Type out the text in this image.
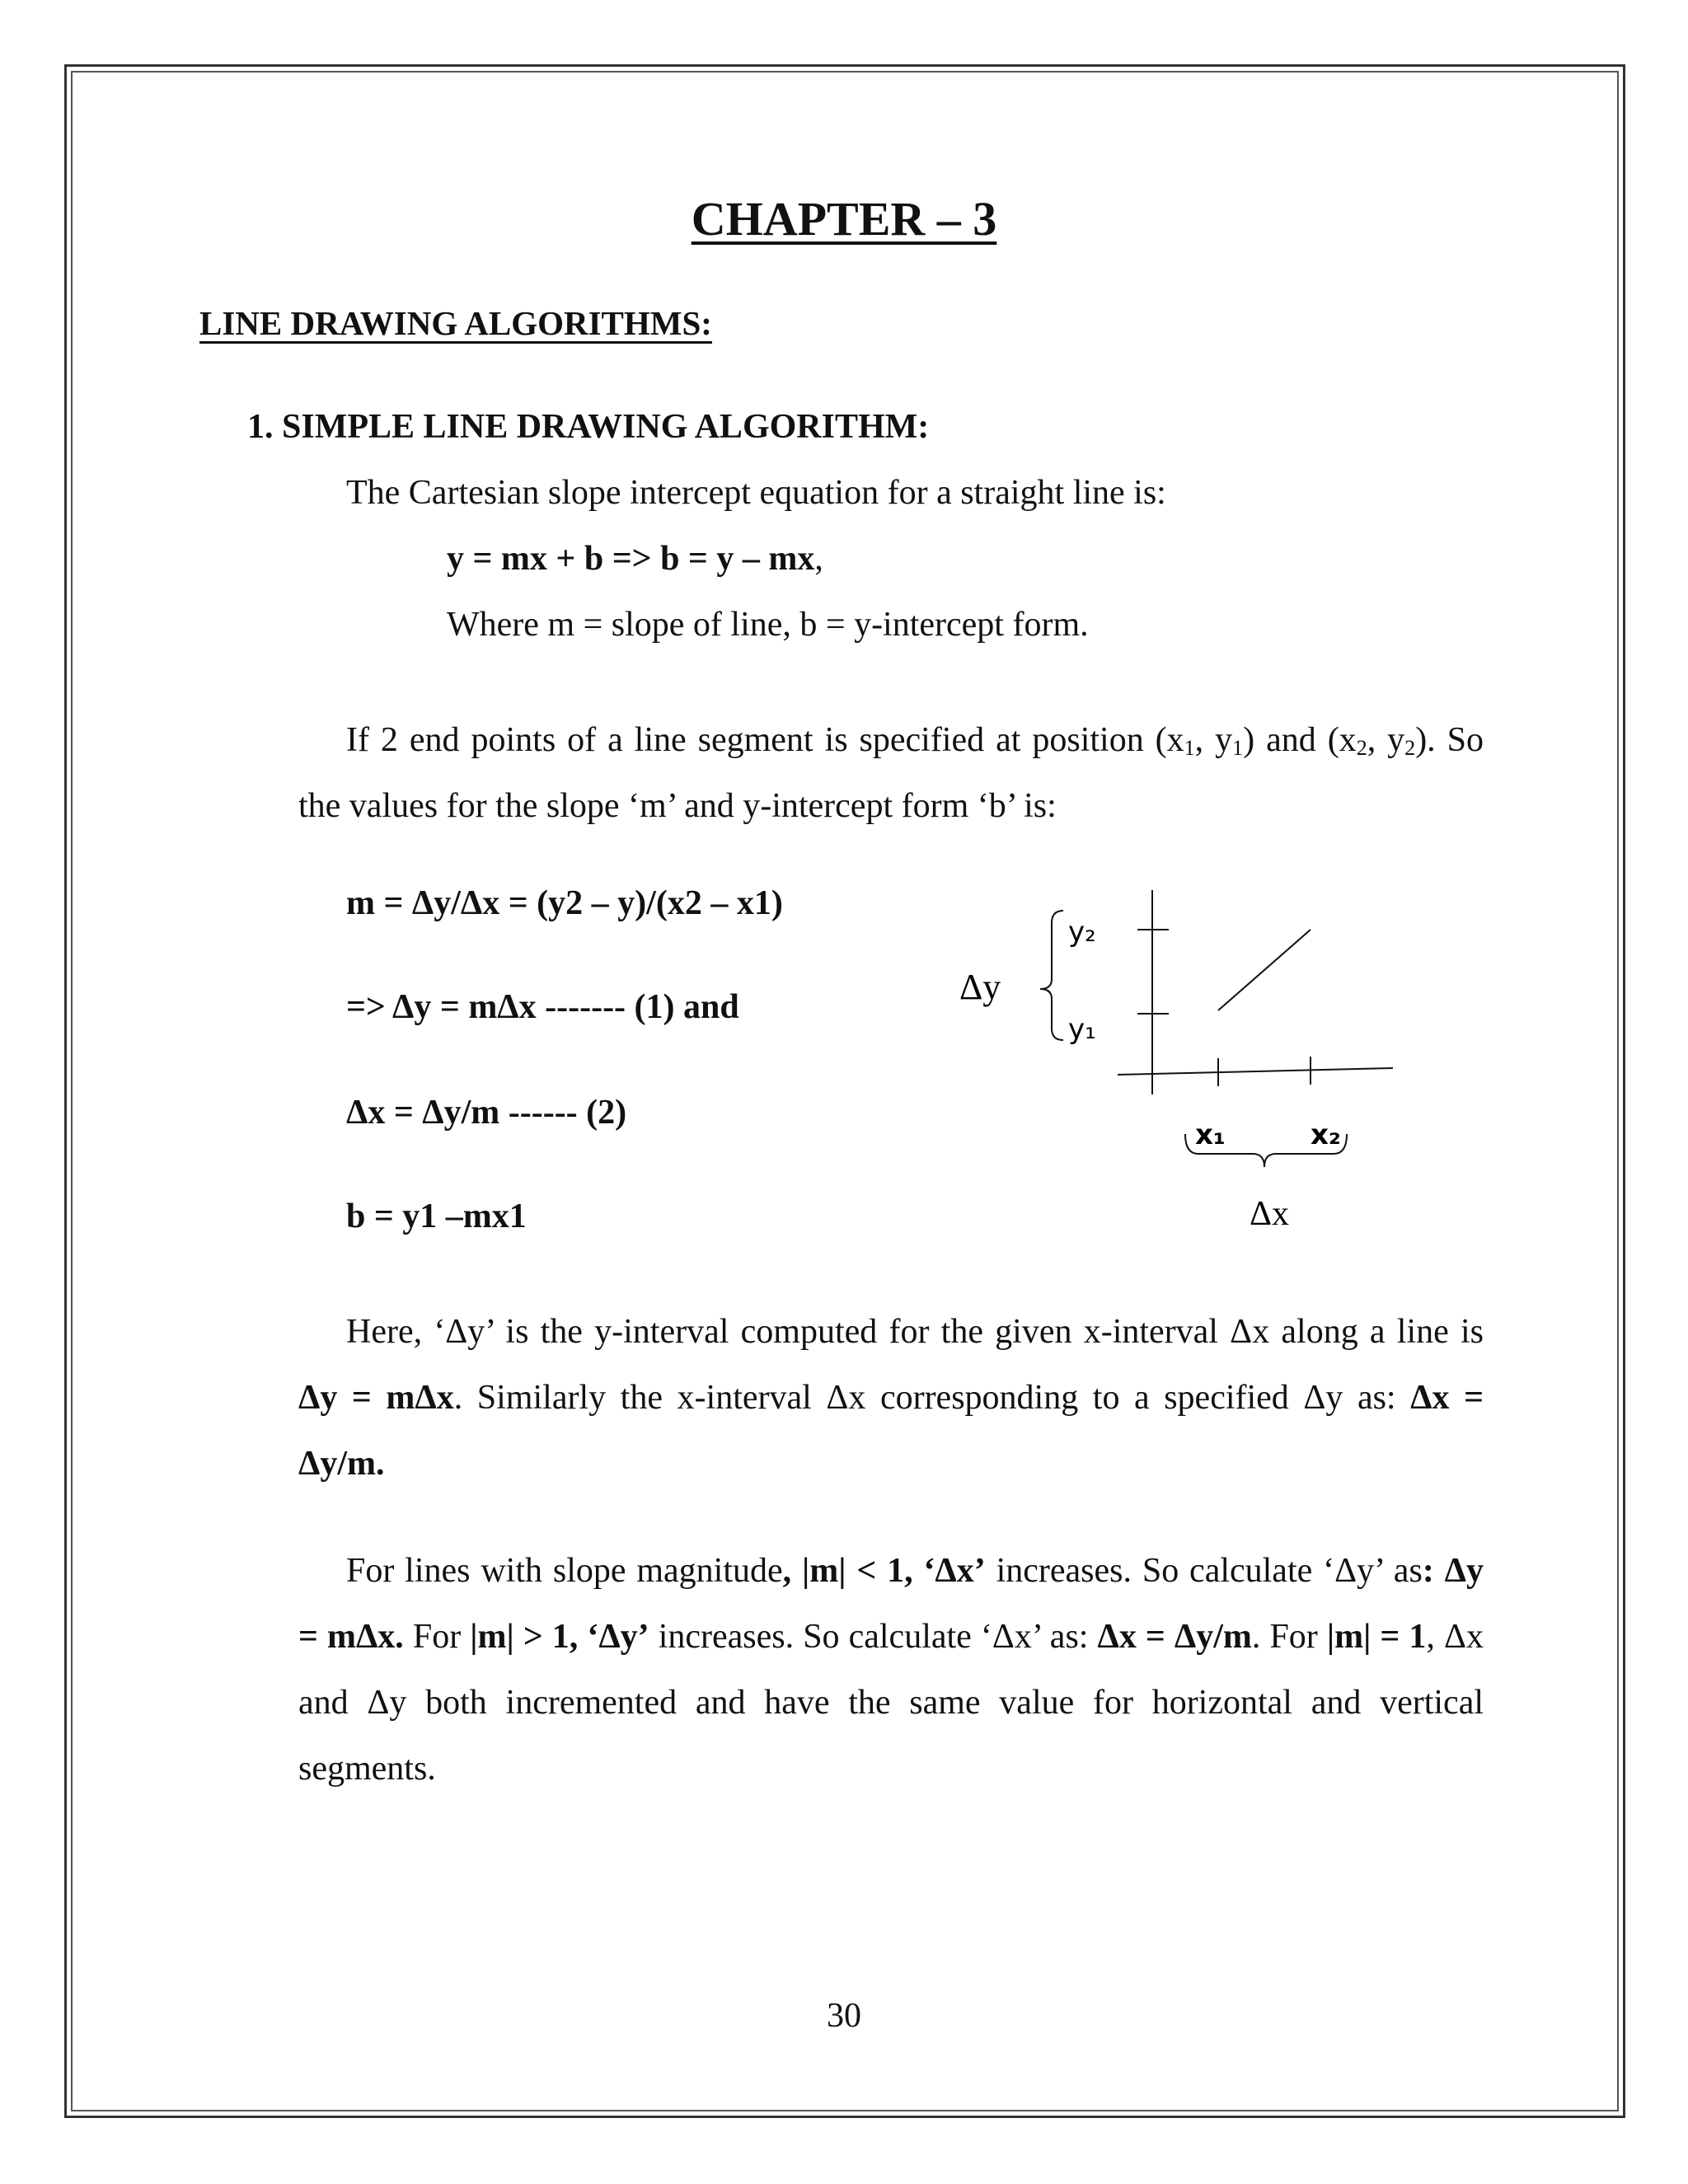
CHAPTER – 3
LINE DRAWING ALGORITHMS:
1. SIMPLE LINE DRAWING ALGORITHM:
The Cartesian slope intercept equation for a straight line is:
y = mx + b => b = y – mx,
Where m = slope of line, b = y-intercept form.
If 2 end points of a line segment is specified at position ($x_1$, $y_1$) and ($x_2$, $y_2$). So the values for the slope ‘m’ and y-intercept form ‘b’ is:
m = Δy/Δx = (y2 – y)/(x2 – x1)
=> Δy = mΔx ------- (1) and
Δx = Δy/m ------ (2)
b = y1 –mx1
Δy
y₂
y₁
x₁	x₂
Δx
Here, ‘Δy’ is the y-interval computed for the given x-interval Δx along a line is Δy = mΔx. Similarly the x-interval Δx corresponding to a specified Δy as: Δx = Δy/m.
For lines with slope magnitude, |m| < 1, ‘Δx’ increases. So calculate ‘Δy’ as: Δy = mΔx. For |m| > 1, ‘Δy’ increases. So calculate ‘Δx’ as: Δx = Δy/m. For |m| = 1, Δx and Δy both incremented and have the same value for horizontal and vertical segments.
30
